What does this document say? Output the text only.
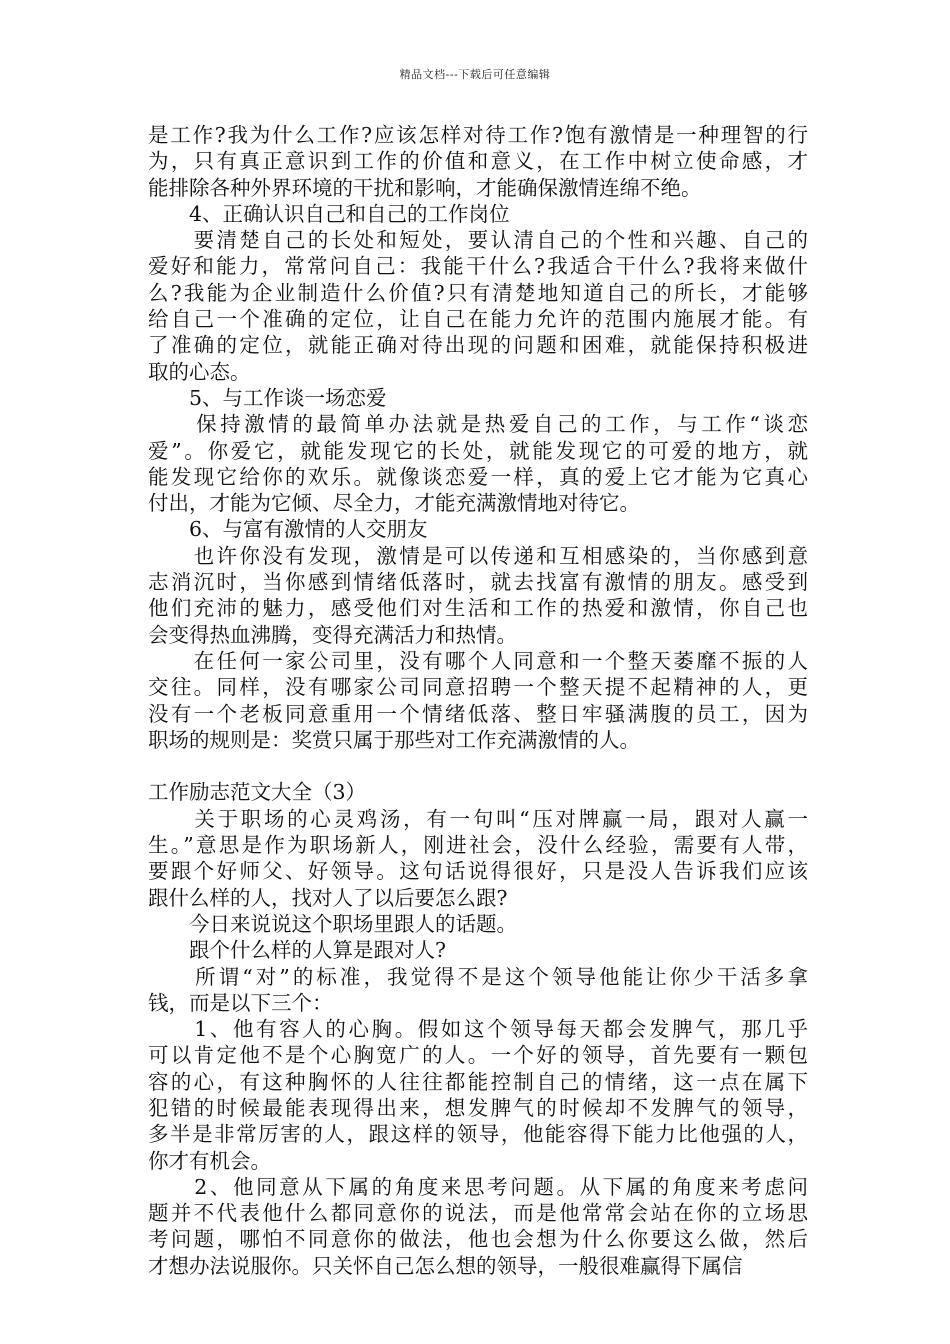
精品文档---下载后可任意编辑
是工作?我为什么工作?应该怎样对待工作?饱有激情是一种理智的行
为，只有真正意识到工作的价值和意义，在工作中树立使命感，才
能排除各种外界环境的干扰和影响，才能确保激情连绵不绝。
　　4、正确认识自己和自己的工作岗位
　　要清楚自己的长处和短处，要认清自己的个性和兴趣、自己的
爱好和能力，常常问自己：我能干什么?我适合干什么?我将来做什
么?我能为企业制造什么价值?只有清楚地知道自己的所长，才能够
给自己一个准确的定位，让自己在能力允许的范围内施展才能。有
了准确的定位，就能正确对待出现的问题和困难，就能保持积极进
取的心态。
　　5、与工作谈一场恋爱
　　保持激情的最简单办法就是热爱自己的工作，与工作“谈恋
爱”。你爱它，就能发现它的长处，就能发现它的可爱的地方，就
能发现它给你的欢乐。就像谈恋爱一样，真的爱上它才能为它真心
付出，才能为它倾、尽全力，才能充满激情地对待它。
　　6、与富有激情的人交朋友
　　也许你没有发现，激情是可以传递和互相感染的，当你感到意
志消沉时，当你感到情绪低落时，就去找富有激情的朋友。感受到
他们充沛的魅力，感受他们对生活和工作的热爱和激情，你自己也
会变得热血沸腾，变得充满活力和热情。
　　在任何一家公司里，没有哪个人同意和一个整天萎靡不振的人
交往。同样，没有哪家公司同意招聘一个整天提不起精神的人，更
没有一个老板同意重用一个情绪低落、整日牢骚满腹的员工，因为
职场的规则是：奖赏只属于那些对工作充满激情的人。
工作励志范文大全（3）
　　关于职场的心灵鸡汤，有一句叫“压对牌赢一局，跟对人赢一
生。”意思是作为职场新人，刚进社会，没什么经验，需要有人带，
要跟个好师父、好领导。这句话说得很好，只是没人告诉我们应该
跟什么样的人，找对人了以后要怎么跟?
　　今日来说说这个职场里跟人的话题。
　　跟个什么样的人算是跟对人?
　　所谓“对”的标准，我觉得不是这个领导他能让你少干活多拿
钱，而是以下三个：
　　1、他有容人的心胸。假如这个领导每天都会发脾气，那几乎
可以肯定他不是个心胸宽广的人。一个好的领导，首先要有一颗包
容的心，有这种胸怀的人往往都能控制自己的情绪，这一点在属下
犯错的时候最能表现得出来，想发脾气的时候却不发脾气的领导，
多半是非常厉害的人，跟这样的领导，他能容得下能力比他强的人，
你才有机会。
　　2、他同意从下属的角度来思考问题。从下属的角度来考虑问
题并不代表他什么都同意你的说法，而是他常常会站在你的立场思
考问题，哪怕不同意你的做法，他也会想为什么你要这么做，然后
才想办法说服你。只关怀自己怎么想的领导，一般很难赢得下属信
